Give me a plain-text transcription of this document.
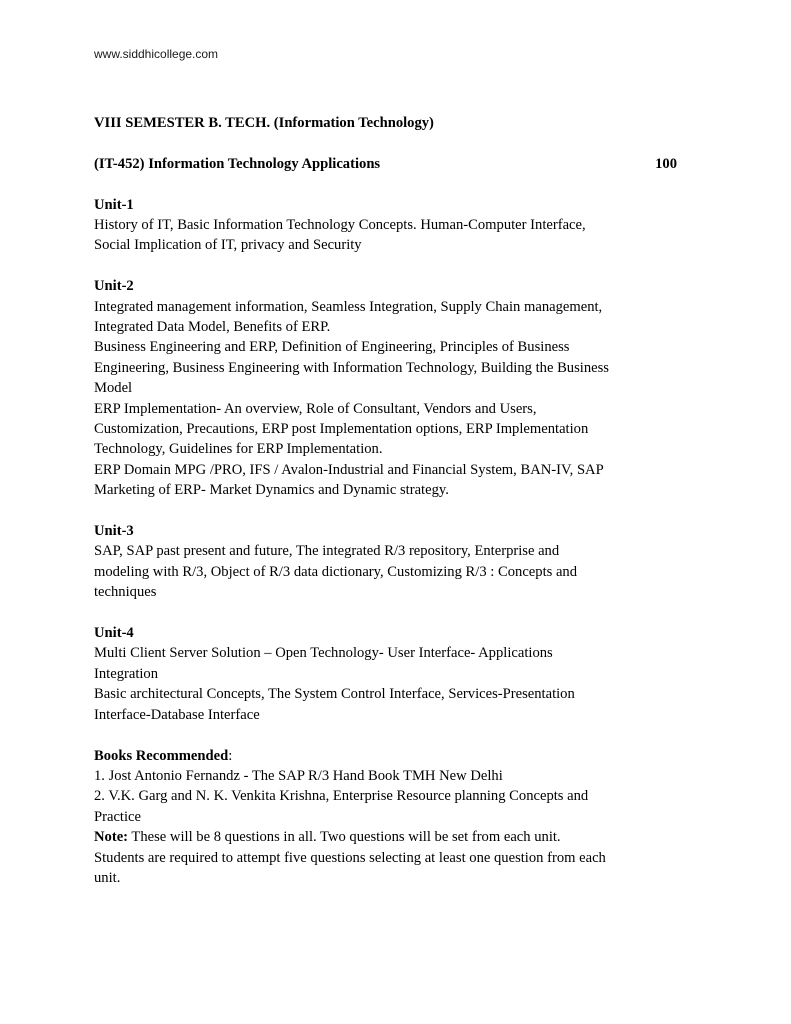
www.siddhicollege.com
VIII SEMESTER B. TECH. (Information Technology)
(IT-452) Information Technology Applications	100
Unit-1
History of IT, Basic Information Technology Concepts. Human-Computer Interface,
Social Implication of IT, privacy and Security
Unit-2
Integrated management information, Seamless Integration, Supply Chain management,
Integrated Data Model, Benefits of ERP.
Business Engineering and ERP, Definition of Engineering, Principles of Business
Engineering, Business Engineering with Information Technology, Building the Business
Model
ERP Implementation- An overview, Role of Consultant, Vendors and Users,
Customization, Precautions, ERP post Implementation options, ERP Implementation
Technology, Guidelines for ERP Implementation.
ERP Domain MPG /PRO, IFS / Avalon-Industrial and Financial System, BAN-IV, SAP
Marketing of ERP- Market Dynamics and Dynamic strategy.
Unit-3
SAP, SAP past present and future, The integrated R/3 repository, Enterprise and
modeling with R/3, Object of R/3 data dictionary, Customizing R/3 : Concepts and
techniques
Unit-4
Multi Client Server Solution – Open Technology- User Interface- Applications
Integration
Basic architectural Concepts, The System Control Interface, Services-Presentation
Interface-Database Interface
Books Recommended:
1. Jost Antonio Fernandz - The SAP R/3 Hand Book TMH New Delhi
2. V.K. Garg and N. K. Venkita Krishna, Enterprise Resource planning Concepts and
Practice
Note: These will be 8 questions in all. Two questions will be set from each unit.
Students are required to attempt five questions selecting at least one question from each
unit.
